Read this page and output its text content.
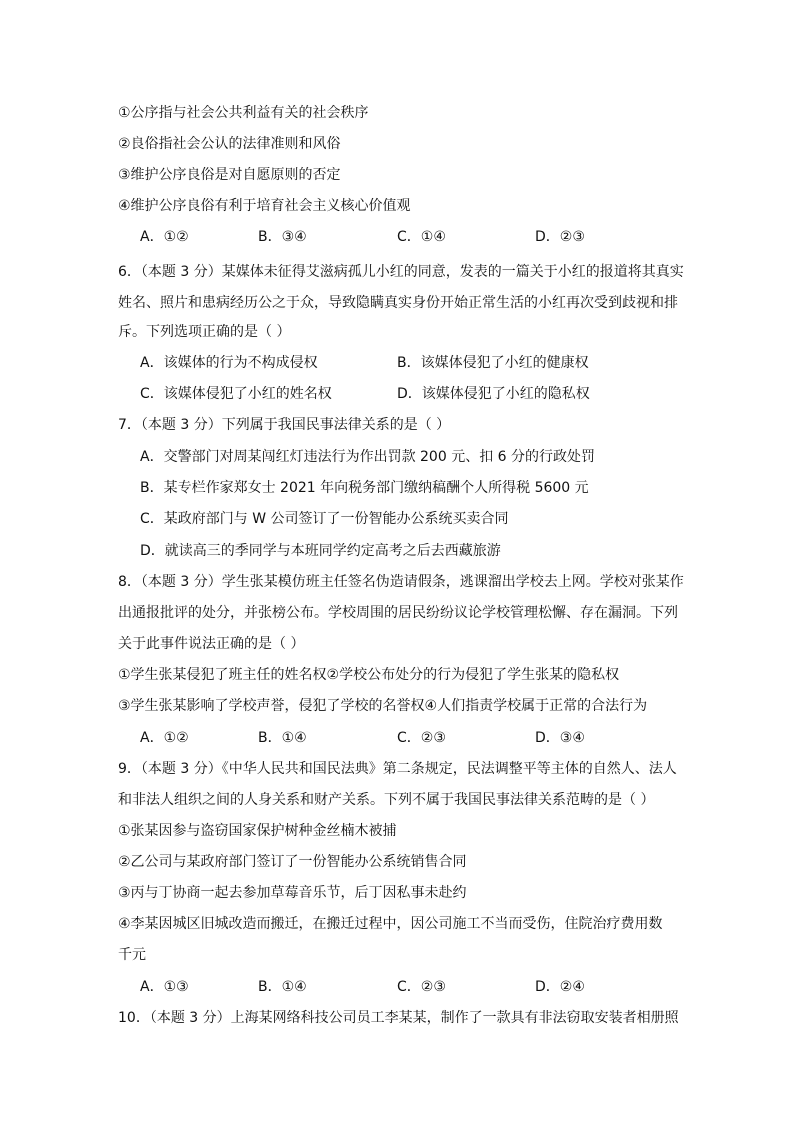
①公序指与社会公共利益有关的社会秩序
②良俗指社会公认的法律准则和风俗
③维护公序良俗是对自愿原则的否定
④维护公序良俗有利于培育社会主义核心价值观
A．①②	B．③④	C．①④	D．②③
6．（本题 3 分）某媒体未征得艾滋病孤儿小红的同意，发表的一篇关于小红的报道将其真实
姓名、照片和患病经历公之于众，导致隐瞒真实身份开始正常生活的小红再次受到歧视和排
斥。下列选项正确的是（ ）
A．该媒体的行为不构成侵权	B．该媒体侵犯了小红的健康权
C．该媒体侵犯了小红的姓名权	D．该媒体侵犯了小红的隐私权
7．（本题 3 分）下列属于我国民事法律关系的是（ ）
A．交警部门对周某闯红灯违法行为作出罚款 200 元、扣 6 分的行政处罚
B．某专栏作家郑女士 2021 年向税务部门缴纳稿酬个人所得税 5600 元
C．某政府部门与 W 公司签订了一份智能办公系统买卖合同
D．就读高三的季同学与本班同学约定高考之后去西藏旅游
8．（本题 3 分）学生张某模仿班主任签名伪造请假条，逃课溜出学校去上网。学校对张某作
出通报批评的处分，并张榜公布。学校周围的居民纷纷议论学校管理松懈、存在漏洞。下列
关于此事件说法正确的是（ ）
①学生张某侵犯了班主任的姓名权②学校公布处分的行为侵犯了学生张某的隐私权
③学生张某影响了学校声誉，侵犯了学校的名誉权④人们指责学校属于正常的合法行为
A．①②	B．①④	C．②③	D．③④
9．（本题 3 分）《中华人民共和国民法典》第二条规定，民法调整平等主体的自然人、法人
和非法人组织之间的人身关系和财产关系。下列不属于我国民事法律关系范畴的是（ ）
①张某因参与盗窃国家保护树种金丝楠木被捕
②乙公司与某政府部门签订了一份智能办公系统销售合同
③丙与丁协商一起去参加草莓音乐节，后丁因私事未赴约
④李某因城区旧城改造而搬迁，在搬迁过程中，因公司施工不当而受伤，住院治疗费用数
千元
A．①③	B．①④	C．②③	D．②④
10．（本题 3 分）上海某网络科技公司员工李某某，制作了一款具有非法窃取安装者相册照
